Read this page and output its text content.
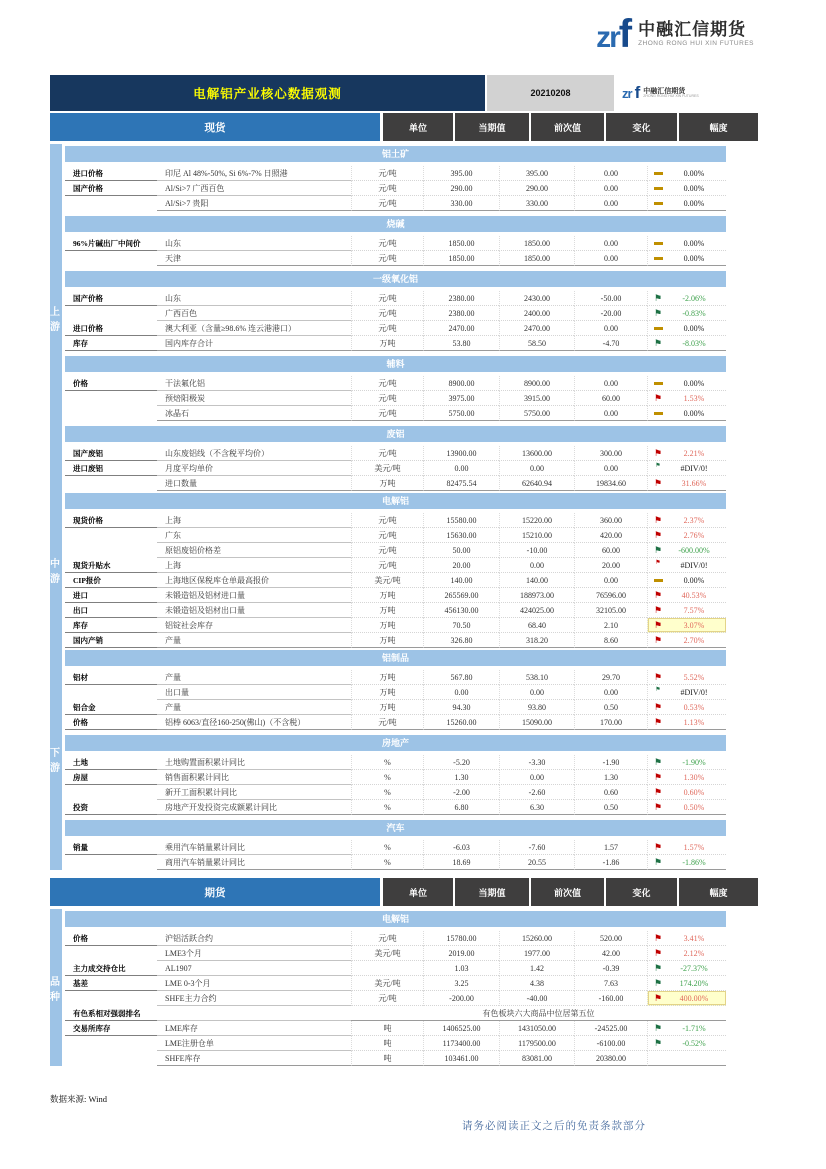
zrf 中融汇信期货
ZHONG RONG HUI XIN FUTURES
电解铝产业核心数据观测	20210208	zr f 中融汇信期货
ZHONG RONG HUI XIN FUTURES
现货	单位	当期值	前次值	变化	幅度
上游
铝土矿
进口价格	印尼 Al 48%-50%, Si 6%-7% 日照港	元/吨	395.00	395.00	0.00	0.00%
国产价格	Al/Si>7 广西百色	元/吨	290.00	290.00	0.00	0.00%
Al/Si>7 贵阳	元/吨	330.00	330.00	0.00	0.00%
烧碱
96%片碱出厂中间价	山东	元/吨	1850.00	1850.00	0.00	0.00%
天津	元/吨	1850.00	1850.00	0.00	0.00%
一级氧化铝
国产价格	山东	元/吨	2380.00	2430.00	-50.00	⚑	-2.06%
广西百色	元/吨	2380.00	2400.00	-20.00	⚑	-0.83%
进口价格	澳大利亚（含量≥98.6% 连云港港口）	元/吨	2470.00	2470.00	0.00	0.00%
库存	国内库存合计	万吨	53.80	58.50	-4.70	⚑	-8.03%
辅料
价格	干法氟化铝	元/吨	8900.00	8900.00	0.00	0.00%
预焙阳极炭	元/吨	3975.00	3915.00	60.00	⚑	1.53%
冰晶石	元/吨	5750.00	5750.00	0.00	0.00%
废铝
国产废铝	山东废铝线（不含税平均价）	元/吨	13900.00	13600.00	300.00	⚑	2.21%
进口废铝	月度平均单价	美元/吨	0.00	0.00	0.00	⚑	#DIV/0!
进口数量	万吨	82475.54	62640.94	19834.60	⚑	31.66%
中游
电解铝
现货价格	上海	元/吨	15580.00	15220.00	360.00	⚑	2.37%
广东	元/吨	15630.00	15210.00	420.00	⚑	2.76%
原铝废铝价格差	元/吨	50.00	-10.00	60.00	⚑	-600.00%
现货升贴水	上海	元/吨	20.00	0.00	20.00	⚑	#DIV/0!
CIP报价	上海地区保税库仓单最高报价	美元/吨	140.00	140.00	0.00	0.00%
进口	未锻造铝及铝材进口量	万吨	265569.00	188973.00	76596.00	⚑	40.53%
出口	未锻造铝及铝材出口量	万吨	456130.00	424025.00	32105.00	⚑	7.57%
库存	铝锭社会库存	万吨	70.50	68.40	2.10	⚑	3.07%
国内产销	产量	万吨	326.80	318.20	8.60	⚑	2.70%
下游
铝制品
铝材	产量	万吨	567.80	538.10	29.70	⚑	5.52%
出口量	万吨	0.00	0.00	0.00	⚑	#DIV/0!
铝合金	产量	万吨	94.30	93.80	0.50	⚑	0.53%
价格	铝棒 6063/直径160-250(佛山)（不含税）	元/吨	15260.00	15090.00	170.00	⚑	1.13%
房地产
土地	土地购置面积累计同比	%	-5.20	-3.30	-1.90	⚑	-1.90%
房屋	销售面积累计同比	%	1.30	0.00	1.30	⚑	1.30%
新开工面积累计同比	%	-2.00	-2.60	0.60	⚑	0.60%
投资	房地产开发投资完成额累计同比	%	6.80	6.30	0.50	⚑	0.50%
汽车
销量	乘用汽车销量累计同比	%	-6.03	-7.60	1.57	⚑	1.57%
商用汽车销量累计同比	%	18.69	20.55	-1.86	⚑	-1.86%
期货	单位	当期值	前次值	变化	幅度
品种
电解铝
价格	沪铝活跃合约	元/吨	15780.00	15260.00	520.00	⚑	3.41%
LME3个月	美元/吨	2019.00	1977.00	42.00	⚑	2.12%
主力成交持仓比	AL1907	1.03	1.42	-0.39	⚑	-27.37%
基差	LME 0-3个月	美元/吨	3.25	4.38	7.63	⚑	174.20%
SHFE主力合约	元/吨	-200.00	-40.00	-160.00	⚑	400.00%
有色系相对强弱排名	有色板块六大商品中位居第五位
交易所库存	LME库存	吨	1406525.00	1431050.00	-24525.00	⚑	-1.71%
LME注册仓单	吨	1173400.00	1179500.00	-6100.00	⚑	-0.52%
SHFE库存	吨	103461.00	83081.00	20380.00
数据来源: Wind
请务必阅读正文之后的免责条款部分
